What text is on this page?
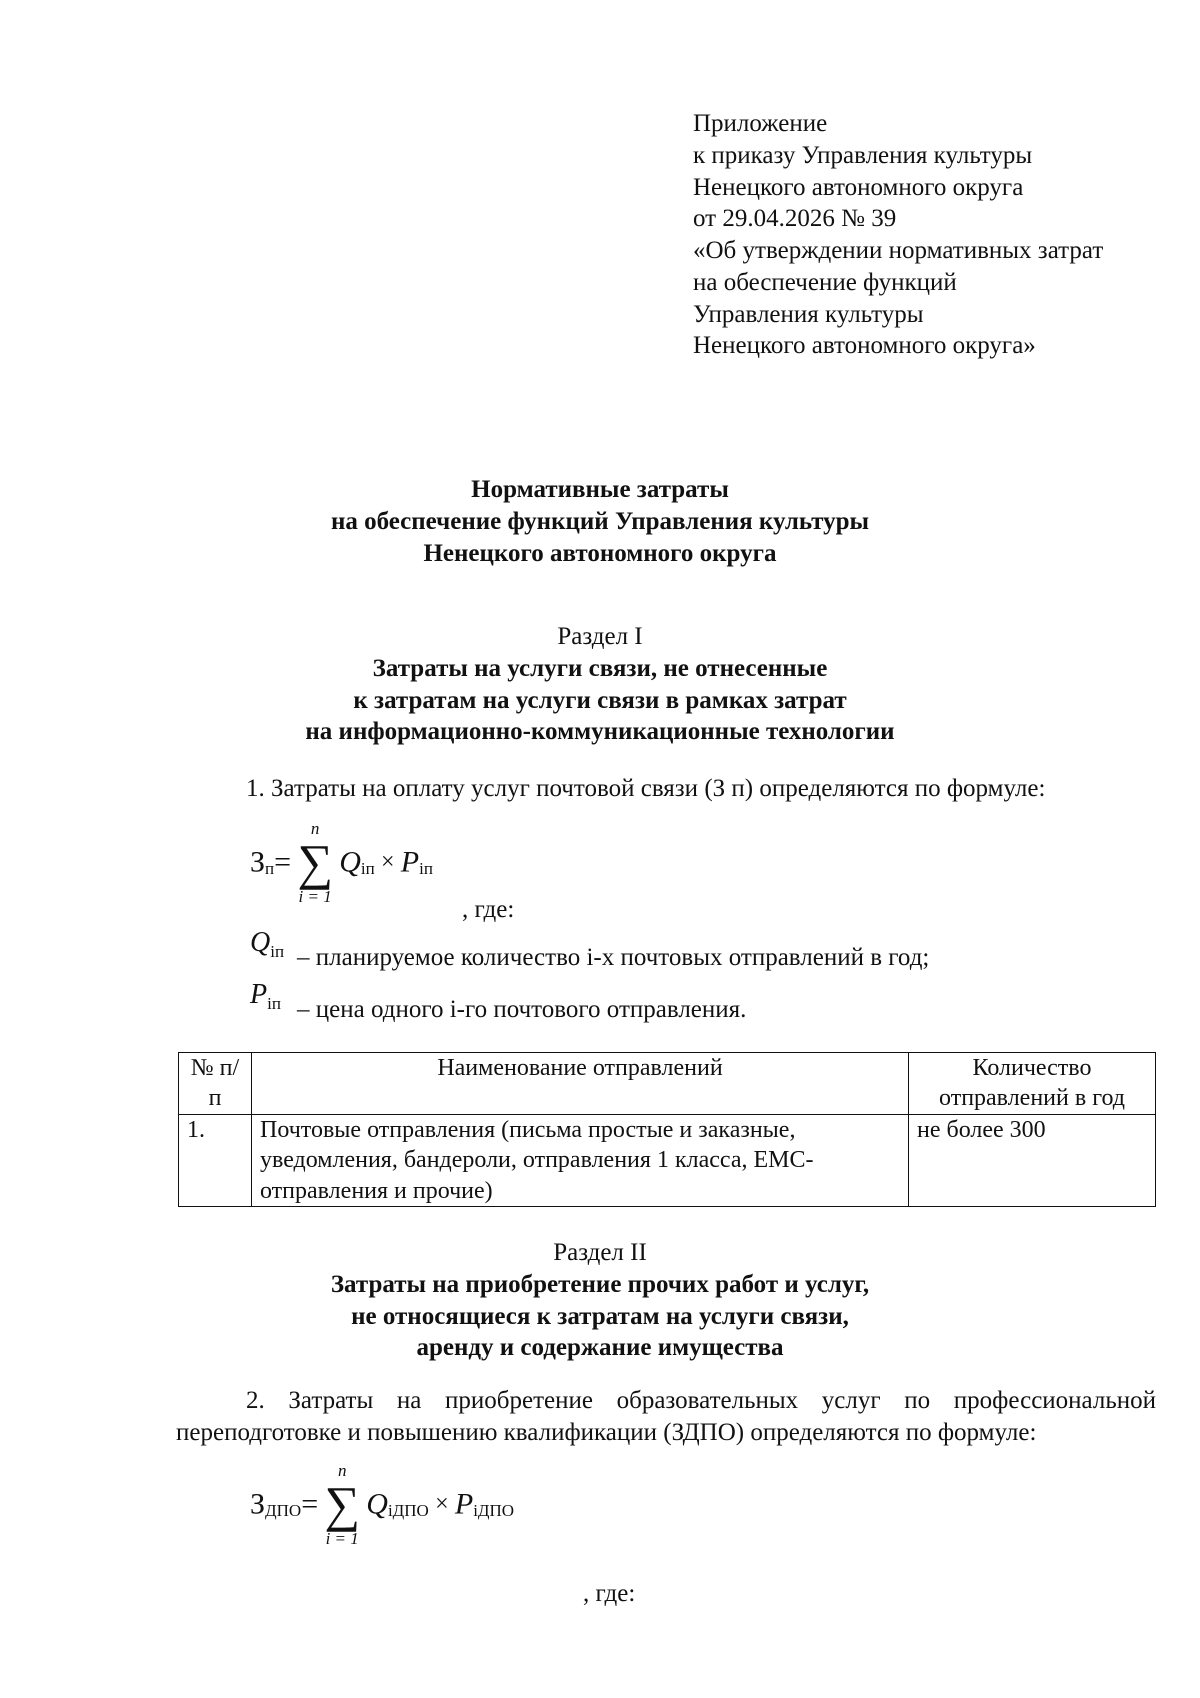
Приложение
к приказу Управления культуры
Ненецкого автономного округа
от 29.04.2026 № 39
«Об утверждении нормативных затрат
на обеспечение функций
Управления культуры
Ненецкого автономного округа»
Нормативные затраты
на обеспечение функций Управления культуры
Ненецкого автономного округа
Раздел I
Затраты на услуги связи, не отнесенные
к затратам на услуги связи в рамках затрат
на информационно-коммуникационные технологии
1. Затраты на оплату услуг почтовой связи (З п) определяются по формуле:
$З_п=$
n
∑
i = 1
$Q_{iп} \times P_{iп}$
, где:
$Q_{iп}$ – планируемое количество i-х почтовых отправлений в год;
$P_{iп}$ – цена одного i-го почтового отправления.
№ п/п	Наименование отправлений	Количество отправлений в год
1.	Почтовые отправления (письма простые и заказные, уведомления, бандероли, отправления 1 класса, EMC-отправления и прочие)	не более 300
Раздел II
Затраты на приобретение прочих работ и услуг,
не относящиеся к затратам на услуги связи,
аренду и содержание имущества
2. Затраты на приобретение образовательных услуг по профессиональной переподготовке и повышению квалификации (ЗДПО) определяются по формуле:
$З_{ДПО}=$
n
∑
i = 1
$Q_{iДПО} \times P_{iДПО}$
, где:
